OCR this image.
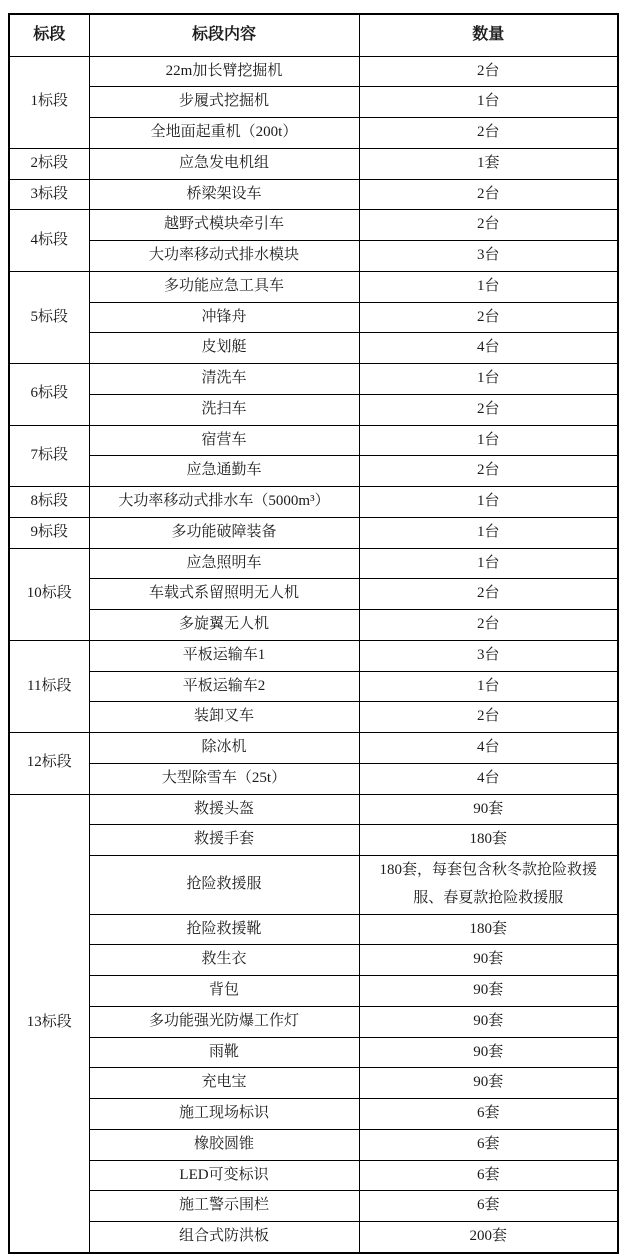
标段	标段内容	数量
1标段	22m加长臂挖掘机	2台
	步履式挖掘机	1台
	全地面起重机（200t）	2台
2标段	应急发电机组	1套
3标段	桥梁架设车	2台
4标段	越野式模块牵引车	2台
	大功率移动式排水模块	3台
5标段	多功能应急工具车	1台
	冲锋舟	2台
	皮划艇	4台
6标段	清洗车	1台
	洗扫车	2台
7标段	宿营车	1台
	应急通勤车	2台
8标段	大功率移动式排水车（5000m³）	1台
9标段	多功能破障装备	1台
10标段	应急照明车	1台
	车载式系留照明无人机	2台
	多旋翼无人机	2台
11标段	平板运输车1	3台
	平板运输车2	1台
	装卸叉车	2台
12标段	除冰机	4台
	大型除雪车（25t）	4台
13标段	救援头盔	90套
	救援手套	180套
	抢险救援服	180套，每套包含秋冬款抢险救援服、春夏款抢险救援服
	抢险救援靴	180套
	救生衣	90套
	背包	90套
	多功能强光防爆工作灯	90套
	雨靴	90套
	充电宝	90套
	施工现场标识	6套
	橡胶圆锥	6套
	LED可变标识	6套
	施工警示围栏	6套
	组合式防洪板	200套
